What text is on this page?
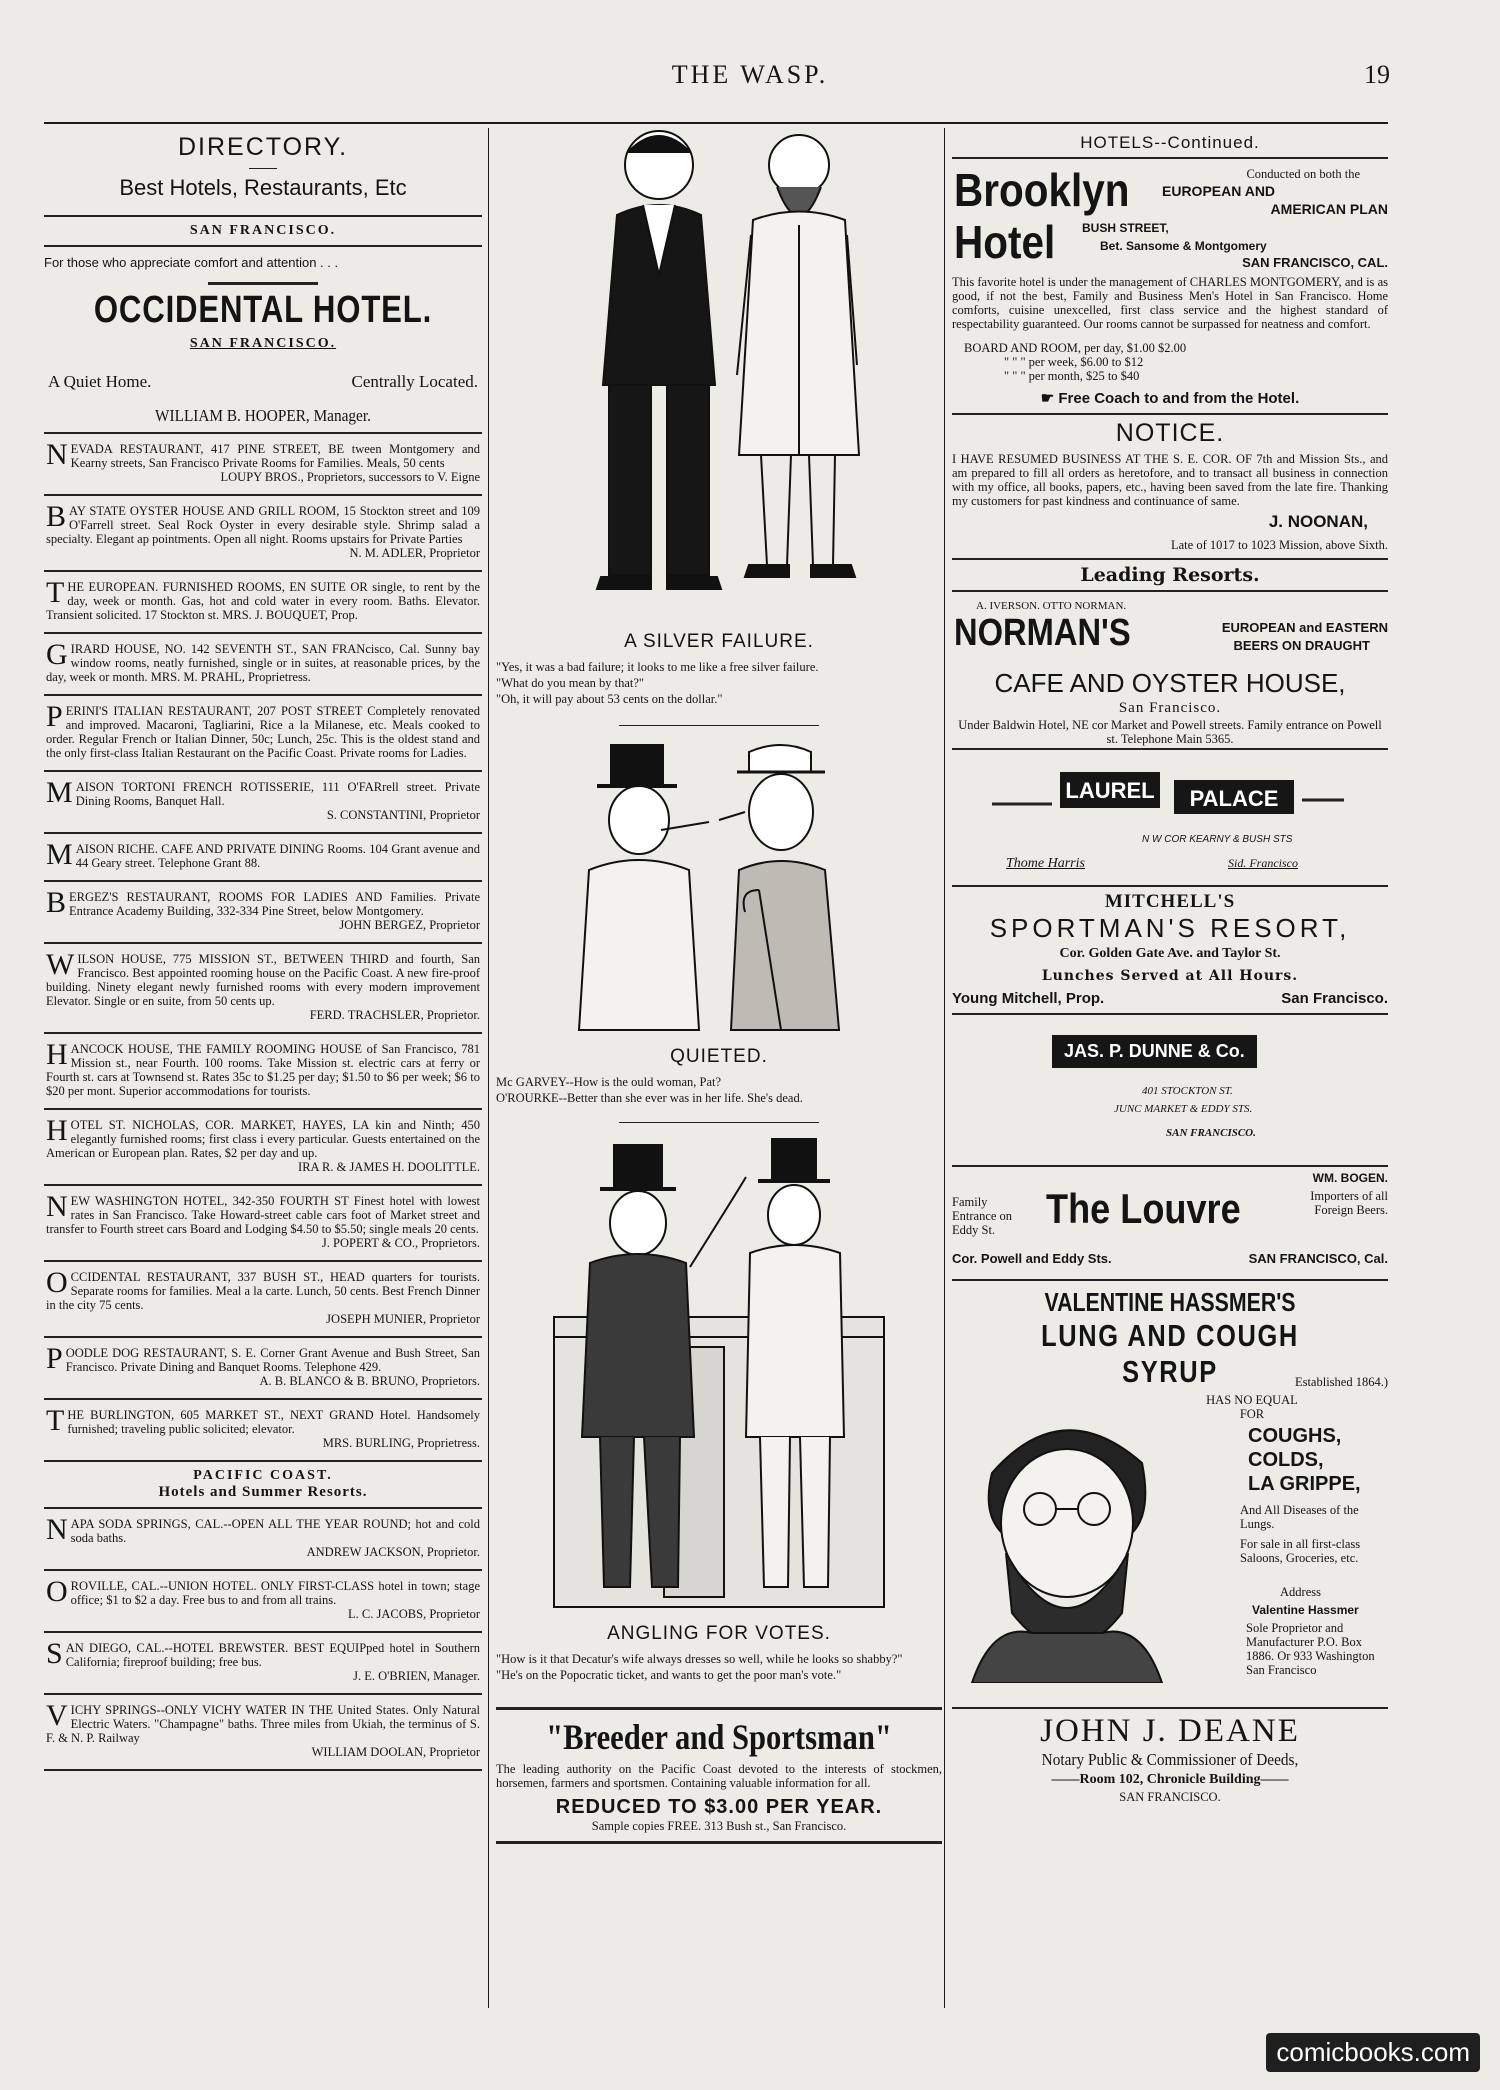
THE WASP.	19
DIRECTORY.
Best Hotels, Restaurants, Etc
SAN FRANCISCO.
For those who appreciate comfort and attention . . .
OCCIDENTAL HOTEL.
SAN FRANCISCO.
A Quiet Home.	Centrally Located.
WILLIAM B. HOOPER, Manager.
NEVADA RESTAURANT, 417 PINE STREET, BE tween Montgomery and Kearny streets, San Francisco Private Rooms for Families. Meals, 50 cents
LOUPY BROS., Proprietors, successors to V. Eigne
BAY STATE OYSTER HOUSE AND GRILL ROOM, 15 Stockton street and 109 O'Farrell street. Seal Rock Oyster in every desirable style. Shrimp salad a specialty. Elegant ap pointments. Open all night. Rooms upstairs for Private Parties
N. M. ADLER, Proprietor
THE EUROPEAN. FURNISHED ROOMS, EN SUITE OR single, to rent by the day, week or month. Gas, hot and cold water in every room. Baths. Elevator. Transient solicited. 17 Stockton st. MRS. J. BOUQUET, Prop.
GIRARD HOUSE, NO. 142 SEVENTH ST., SAN FRANcisco, Cal. Sunny bay window rooms, neatly furnished, single or in suites, at reasonable prices, by the day, week or month. MRS. M. PRAHL, Proprietress.
PERINI'S ITALIAN RESTAURANT, 207 POST STREET Completely renovated and improved. Macaroni, Tagliarini, Rice a la Milanese, etc. Meals cooked to order. Regular French or Italian Dinner, 50c; Lunch, 25c. This is the oldest stand and the only first-class Italian Restaurant on the Pacific Coast. Private rooms for Ladies.
MAISON TORTONI FRENCH ROTISSERIE, 111 O'FARrell street. Private Dining Rooms, Banquet Hall.
S. CONSTANTINI, Proprietor
MAISON RICHE. CAFE AND PRIVATE DINING Rooms. 104 Grant avenue and 44 Geary street. Telephone Grant 88.
BERGEZ'S RESTAURANT, ROOMS FOR LADIES AND Families. Private Entrance Academy Building, 332-334 Pine Street, below Montgomery.
JOHN BERGEZ, Proprietor
WILSON HOUSE, 775 MISSION ST., BETWEEN THIRD and fourth, San Francisco. Best appointed rooming house on the Pacific Coast. A new fire-proof building. Ninety elegant newly furnished rooms with every modern improvement Elevator. Single or en suite, from 50 cents up.
FERD. TRACHSLER, Proprietor.
HANCOCK HOUSE, THE FAMILY ROOMING HOUSE of San Francisco, 781 Mission st., near Fourth. 100 rooms. Take Mission st. electric cars at ferry or Fourth st. cars at Townsend st. Rates 35c to $1.25 per day; $1.50 to $6 per week; $6 to $20 per mont. Superior accommodations for tourists.
HOTEL ST. NICHOLAS, COR. MARKET, HAYES, LA kin and Ninth; 450 elegantly furnished rooms; first class i every particular. Guests entertained on the American or European plan. Rates, $2 per day and up.
IRA R. & JAMES H. DOOLITTLE.
NEW WASHINGTON HOTEL, 342-350 FOURTH ST Finest hotel with lowest rates in San Francisco. Take Howard-street cable cars foot of Market street and transfer to Fourth street cars Board and Lodging $4.50 to $5.50; single meals 20 cents.
J. POPERT & CO., Proprietors.
OCCIDENTAL RESTAURANT, 337 BUSH ST., HEAD quarters for tourists. Separate rooms for families. Meal a la carte. Lunch, 50 cents. Best French Dinner in the city 75 cents.
JOSEPH MUNIER, Proprietor
POODLE DOG RESTAURANT, S. E. Corner Grant Avenue and Bush Street, San Francisco. Private Dining and Banquet Rooms. Telephone 429.
A. B. BLANCO & B. BRUNO, Proprietors.
THE BURLINGTON, 605 MARKET ST., NEXT GRAND Hotel. Handsomely furnished; traveling public solicited; elevator.
MRS. BURLING, Proprietress.
PACIFIC COAST.
Hotels and Summer Resorts.
NAPA SODA SPRINGS, CAL.--OPEN ALL THE YEAR ROUND; hot and cold soda baths.
ANDREW JACKSON, Proprietor.
OROVILLE, CAL.--UNION HOTEL. ONLY FIRST-CLASS hotel in town; stage office; $1 to $2 a day. Free bus to and from all trains.
L. C. JACOBS, Proprietor
SAN DIEGO, CAL.--HOTEL BREWSTER. BEST EQUIPped hotel in Southern California; fireproof building; free bus.
J. E. O'BRIEN, Manager.
VICHY SPRINGS--ONLY VICHY WATER IN THE United States. Only Natural Electric Waters. "Champagne" baths. Three miles from Ukiah, the terminus of S. F. & N. P. Railway
WILLIAM DOOLAN, Proprietor
A SILVER FAILURE.
"Yes, it was a bad failure; it looks to me like a free silver failure.
"What do you mean by that?"
"Oh, it will pay about 53 cents on the dollar."
QUIETED.
Mc GARVEY--How is the ould woman, Pat?
O'ROURKE--Better than she ever was in her life. She's dead.
ANGLING FOR VOTES.
"How is it that Decatur's wife always dresses so well, while he looks so shabby?"
"He's on the Popocratic ticket, and wants to get the poor man's vote."
"Breeder and Sportsman"
The leading authority on the Pacific Coast devoted to the interests of stockmen, horsemen, farmers and sportsmen. Containing valuable information for all.
REDUCED TO $3.00 PER YEAR.
Sample copies FREE. 313 Bush st., San Francisco.
HOTELS--Continued.
Brooklyn
Hotel
Conducted on both the
EUROPEAN AND
AMERICAN PLAN
BUSH STREET,
Bet. Sansome & Montgomery
SAN FRANCISCO, CAL.
This favorite hotel is under the management of CHARLES MONTGOMERY, and is as good, if not the best, Family and Business Men's Hotel in San Francisco. Home comforts, cuisine unexcelled, first class service and the highest standard of respectability guaranteed. Our rooms cannot be surpassed for neatness and comfort.
BOARD AND ROOM, per day, $1.00 $2.00
" " " per week, $6.00 to $12
" " " per month, $25 to $40
☛ Free Coach to and from the Hotel.
NOTICE.
I HAVE RESUMED BUSINESS AT THE S. E. COR. OF 7th and Mission Sts., and am prepared to fill all orders as heretofore, and to transact all business in connection with my office, all books, papers, etc., having been saved from the late fire. Thanking my customers for past kindness and continuance of same.
J. NOONAN,
Late of 1017 to 1023 Mission, above Sixth.
Leading Resorts.
A. IVERSON. OTTO NORMAN.
NORMAN'S	EUROPEAN and EASTERN
BEERS ON DRAUGHT
CAFE AND OYSTER HOUSE,
San Francisco.
Under Baldwin Hotel, NE cor Market and Powell streets. Family entrance on Powell st. Telephone Main 5365.
LAUREL PALACE
N W COR KEARNY & BUSH STS
Thome Harris	Sid. Francisco
MITCHELL'S
SPORTMAN'S RESORT,
Cor. Golden Gate Ave. and Taylor St.
Lunches Served at All Hours.
Young Mitchell, Prop.	San Francisco.
JAS. P. DUNNE & Co.
401 STOCKTON ST.
JUNC MARKET & EDDY STS.
SAN FRANCISCO.
WM. BOGEN.
Family Entrance on Eddy St.	The Louvre	Importers of all Foreign Beers.
Cor. Powell and Eddy Sts.	SAN FRANCISCO, Cal.
VALENTINE HASSMER'S
LUNG AND COUGH SYRUP	Established 1864.)
HAS NO EQUAL FOR
COUGHS,
COLDS,
LA GRIPPE,
And All Diseases of the Lungs.
For sale in all first-class Saloons, Groceries, etc.
Address
Valentine Hassmer
Sole Proprietor and Manufacturer P.O. Box 1886. Or 933 Washington San Francisco
JOHN J. DEANE
Notary Public & Commissioner of Deeds,
——Room 102, Chronicle Building——
SAN FRANCISCO.
comicbooks.com
